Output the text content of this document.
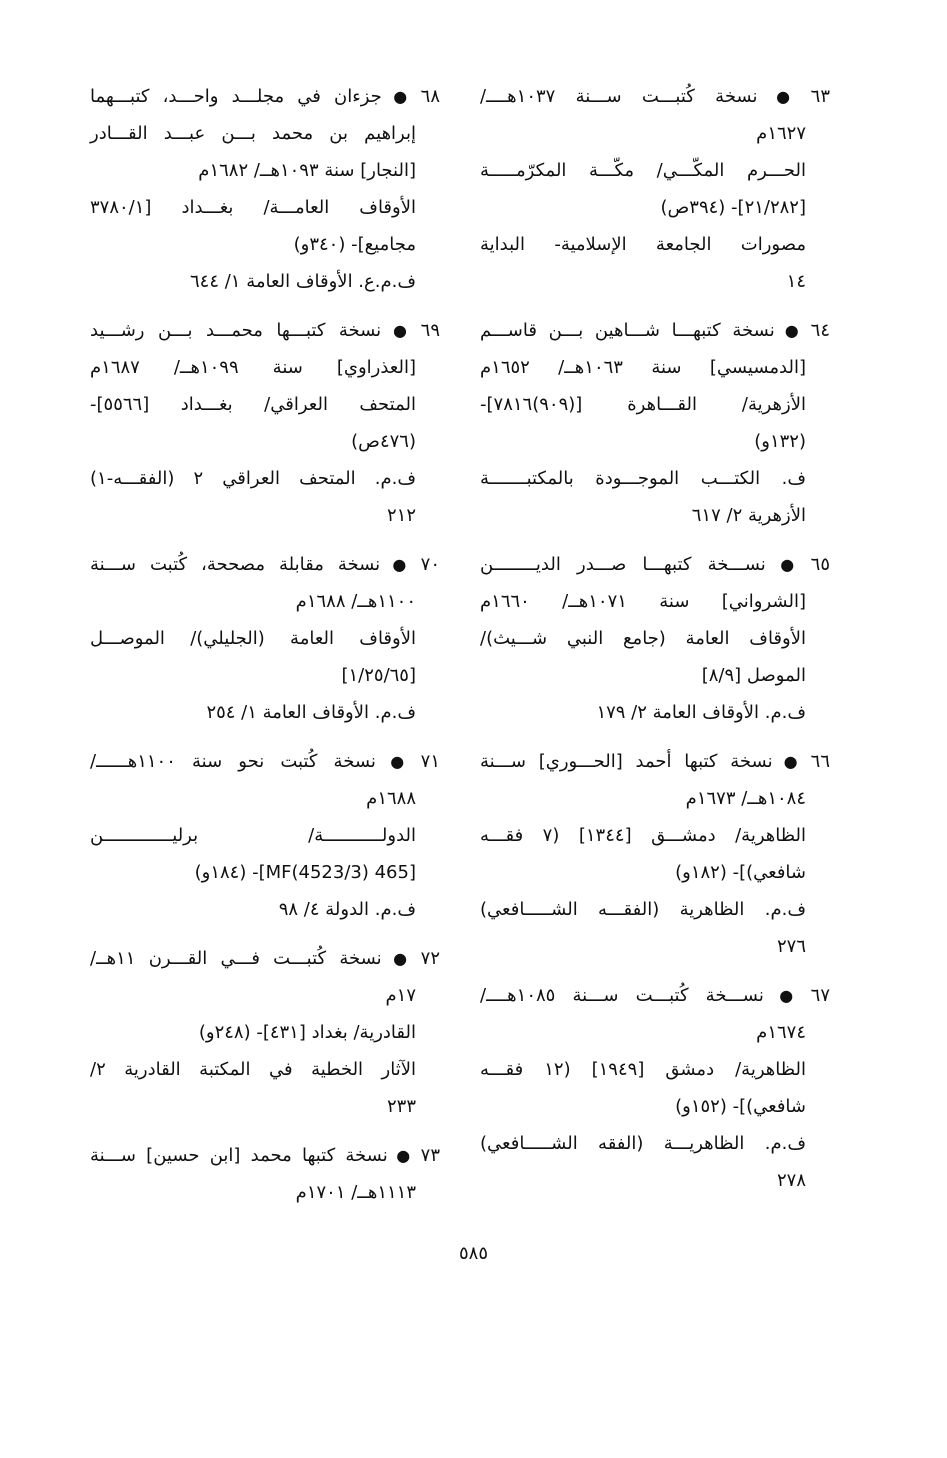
٦٣●نسخة كُتبـــت ســـنة ١٠٣٧هــــ/
١٦٢٧م
الحـــرم المكّـــي/ مكّـــة المكرّمـــــة
[٢١/٢٨٢]- (٣٩٤ص)
مصورات الجامعة الإسلامية- البداية
١٤
٦٤●نسخة كتبهـــا شـــاهين بـــن قاســـم
[الدمسيسي] سنة ١٠٦٣هــ/ ١٦٥٢م
الأزهرية/ القـــاهرة [(٩٠٩)٧٨١٦]-
(١٣٢و)
ف. الكتـــب الموجـــودة بالمكتبـــــــة
الأزهرية ٢/ ٦١٧
٦٥●نســـخة كتبهـــا صـــدر الديــــــــن
[الشرواني] سنة ١٠٧١هــ/ ١٦٦٠م
الأوقاف العامة (جامع النبي شـــيث)/
الموصل [٨/٩]
ف.م. الأوقاف العامة ٢/ ١٧٩
٦٦●نسخة كتبها أحمد [الحـــوري] ســـنة
١٠٨٤هــ/ ١٦٧٣م
الظاهرية/ دمشـــق [١٣٤٤] (٧ فقـــه
شافعي)]- (١٨٢و)
ف.م. الظاهرية (الفقـــه الشـــــافعي)
٢٧٦
٦٧●نســـخة كُتبـــت ســـنة ١٠٨٥هــــ/
١٦٧٤م
الظاهرية/ دمشق [١٩٤٩] (١٢ فقـــه
شافعي)]- (١٥٢و)
ف.م. الظاهريـــة (الفقه الشـــــافعي)
٢٧٨
٦٨●جزءان في مجلـــد واحـــد، كتبـــهما
إبراهيم بن محمد بـــن عبـــد القـــادر
[النجار] سنة ١٠٩٣هــ/ ١٦٨٢م
الأوقاف العامـــة/ بغـــداد [٣٧٨٠/١
مجاميع]- (٣٤٠و)
ف.م.ع. الأوقاف العامة ١/ ٦٤٤
٦٩●نسخة كتبـــها محمـــد بـــن رشـــيد
[العذراوي] سنة ١٠٩٩هــ/ ١٦٨٧م
المتحف العراقي/ بغـــداد [٥٥٦٦]-
(٤٧٦ص)
ف.م. المتحف العراقي ٢ (الفقـــه-١)
٢١٢
٧٠●نسخة مقابلة مصححة، كُتبت ســـنة
١١٠٠هــ/ ١٦٨٨م
الأوقاف العامة (الجليلي)/ الموصـــل
[١/٢٥/٦٥]
ف.م. الأوقاف العامة ١/ ٢٥٤
٧١●نسخة كُتبت نحو سنة ١١٠٠هــــــ/
١٦٨٨م
الدولـــــــــــة/ برليـــــــــــــن
[465 MF(4523/3)]- (١٨٤و)
ف.م. الدولة ٤/ ٩٨
٧٢●نسخة كُتبـــت فـــي القـــرن ١١هــ/
١٧م
القادرية/ بغداد [٤٣١]- (٢٤٨و)
الآثار الخطية في المكتبة القادرية ٢/
٢٣٣
٧٣●نسخة كتبها محمد [ابن حسين] ســـنة
١١١٣هــ/ ١٧٠١م
٥٨٥
